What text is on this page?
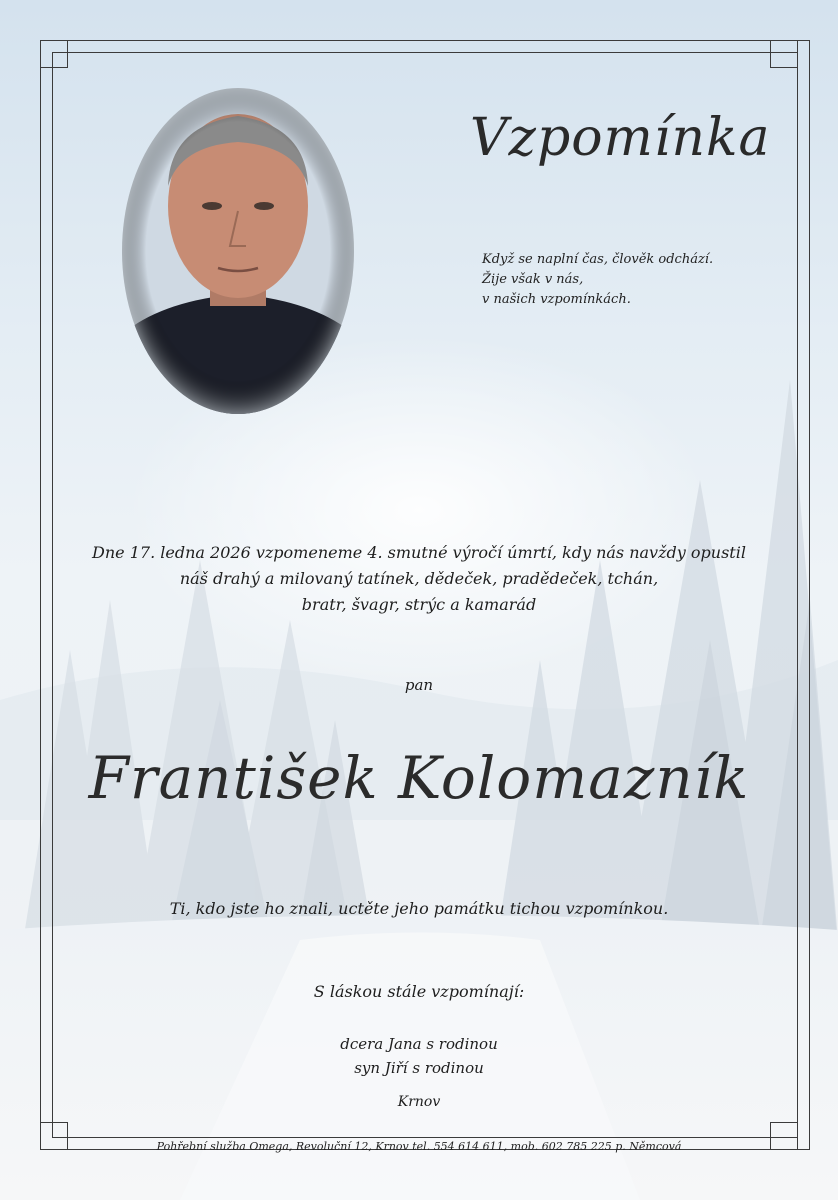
Vzpomínka
Když se naplní čas, člověk odchází.
Žije však v nás,
v našich vzpomínkách.
Dne 17. ledna 2026 vzpomeneme 4. smutné výročí úmrtí, kdy nás navždy opustil
náš drahý a milovaný tatínek, dědeček, pradědeček, tchán,
bratr, švagr, strýc a kamarád
pan
František Kolomazník
Ti, kdo jste ho znali, uctěte jeho památku tichou vzpomínkou.
S láskou stále vzpomínají:
dcera Jana s rodinou
syn Jiří s rodinou
Krnov
Pohřební služba Omega, Revoluční 12, Krnov tel. 554 614 611, mob. 602 785 225 p. Němcová
